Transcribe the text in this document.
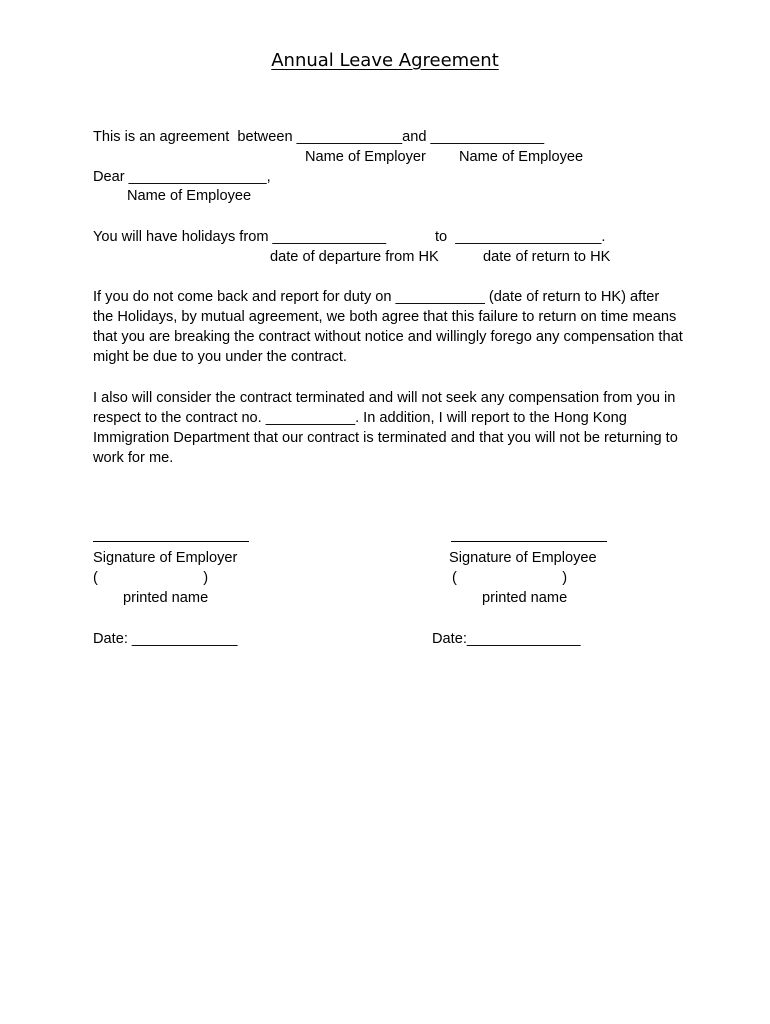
Annual Leave Agreement
This is an agreement  between _____________and ______________
Name of Employer Name of Employee
Dear _________________,
Name of Employee
You will have holidays from ______________	to  __________________.
date of departure from HK	date of return to HK
If you do not come back and report for duty on ___________ (date of return to HK) after the Holidays, by mutual agreement, we both agree that this failure to return on time means that you are breaking the contract without notice and willingly forego any compensation that might be due to you under the contract.
I also will consider the contract terminated and will not seek any compensation from you in respect to the contract no. ___________. In addition, I will report to the Hong Kong Immigration Department that our contract is terminated and that you will not be returning to work for me.
Signature of Employer
(                          )
printed name
Date: _____________
Signature of Employee
(                          )
printed name
Date:______________
